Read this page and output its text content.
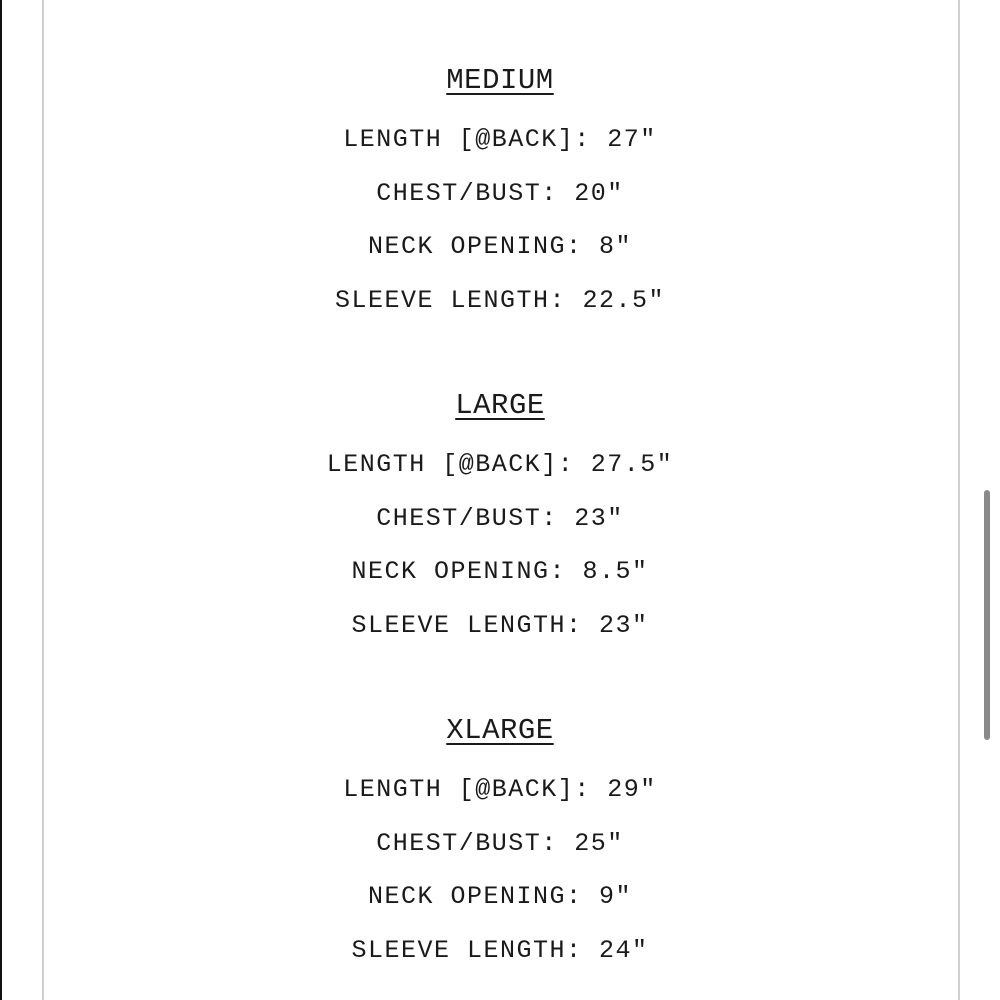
MEDIUM
LENGTH [@BACK]: 27"
CHEST/BUST: 20"
NECK OPENING: 8"
SLEEVE LENGTH: 22.5"
LARGE
LENGTH [@BACK]: 27.5"
CHEST/BUST: 23"
NECK OPENING: 8.5"
SLEEVE LENGTH: 23"
XLARGE
LENGTH [@BACK]: 29"
CHEST/BUST: 25"
NECK OPENING: 9"
SLEEVE LENGTH: 24"
